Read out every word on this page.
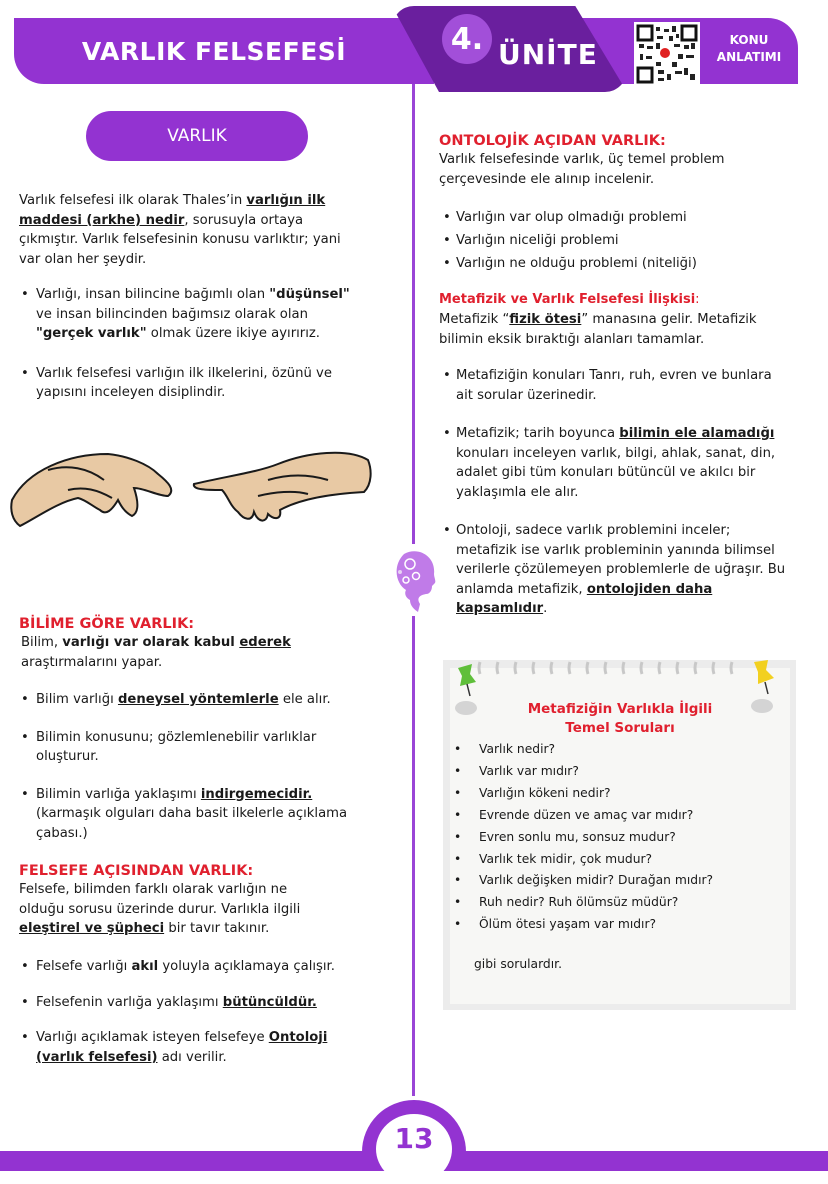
VARLIK FELSEFESİ	4. ÜNİTE	KONU
ANLATIMI
VARLIK
Varlık felsefesi ilk olarak Thales’in varlığın ilk maddesi (arkhe) nedir, sorusuyla ortaya çıkmıştır. Varlık felsefesinin konusu varlıktır; yani var olan her şeydir.
• Varlığı, insan bilincine bağımlı olan "düşünsel" ve insan bilincinden bağımsız olarak olan "gerçek varlık" olmak üzere ikiye ayırırız.
• Varlık felsefesi varlığın ilk ilkelerini, özünü ve yapısını inceleyen disiplindir.
BİLİME GÖRE VARLIK:
Bilim, varlığı var olarak kabul ederek araştırmalarını yapar.
• Bilim varlığı deneysel yöntemlerle ele alır.
• Bilimin konusunu; gözlemlenebilir varlıklar oluşturur.
• Bilimin varlığa yaklaşımı indirgemecidir. (karmaşık olguları daha basit ilkelerle açıklama çabası.)
FELSEFE AÇISINDAN VARLIK:
Felsefe, bilimden farklı olarak varlığın ne olduğu sorusu üzerinde durur. Varlıkla ilgili eleştirel ve şüpheci bir tavır takınır.
• Felsefe varlığı akıl yoluyla açıklamaya çalışır.
• Felsefenin varlığa yaklaşımı bütüncüldür.
• Varlığı açıklamak isteyen felsefeye Ontoloji (varlık felsefesi) adı verilir.
ONTOLOJİK AÇIDAN VARLIK:
Varlık felsefesinde varlık, üç temel problem çerçevesinde ele alınıp incelenir.
• Varlığın var olup olmadığı problemi
• Varlığın niceliği problemi
• Varlığın ne olduğu problemi (niteliği)
Metafizik ve Varlık Felsefesi İlişkisi:
Metafizik “fizik ötesi” manasına gelir. Metafizik bilimin eksik bıraktığı alanları tamamlar.
• Metafiziğin konuları Tanrı, ruh, evren ve bunlara ait sorular üzerinedir.
• Metafizik; tarih boyunca bilimin ele alamadığı konuları inceleyen varlık, bilgi, ahlak, sanat, din, adalet gibi tüm konuları bütüncül ve akılcı bir yaklaşımla ele alır.
• Ontoloji, sadece varlık problemini inceler; metafizik ise varlık probleminin yanında bilimsel verilerle çözülemeyen problemlerle de uğraşır. Bu anlamda metafizik, ontolojiden daha kapsamlıdır.
Metafiziğin Varlıkla İlgili
Temel Soruları
• Varlık nedir?
• Varlık var mıdır?
• Varlığın kökeni nedir?
• Evrende düzen ve amaç var mıdır?
• Evren sonlu mu, sonsuz mudur?
• Varlık tek midir, çok mudur?
• Varlık değişken midir? Durağan mıdır?
• Ruh nedir? Ruh ölümsüz müdür?
• Ölüm ötesi yaşam var mıdır?
gibi sorulardır.
13
